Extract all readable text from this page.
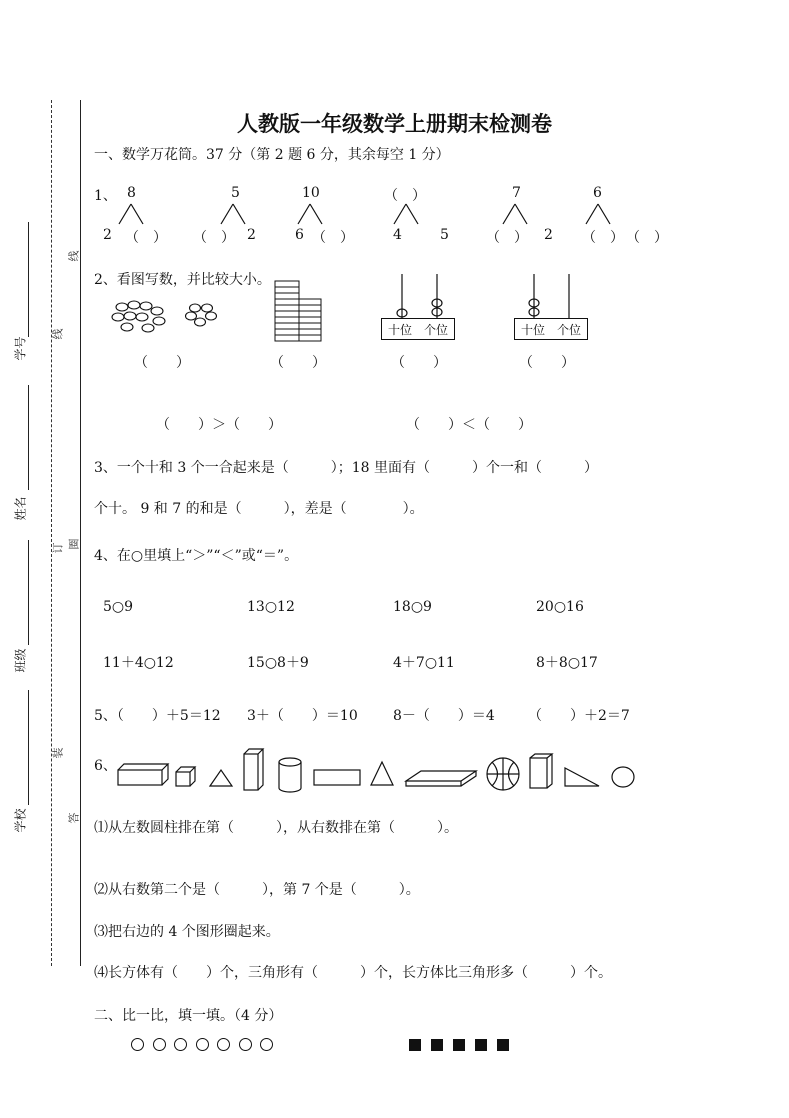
学号
姓名
班级
学校
线
线
订 圈
装
答
人教版一年级数学上册期末检测卷
一、数学万花筒。37 分（第 2 题 6 分，其余每空 1 分）
1、 8
2 （　）
5
（　） 2
10
6 （　）
（　）
4	5
7
（　） 2
6
（　） （　）
2、看图写数，并比较大小。
十位 个位	十位 个位
（　　）	（　　）	（　　）	（　　）
（　　）＞（　　）	（　　）＜（　　）
3、一个十和 3 个一合起来是（　　　）；18 里面有（　　　）个一和（　　　）
个十。 9 和 7 的和是（　　　），差是（　　　　）。
4、在○里填上“＞”“＜”或“＝”。
5○9	13○12	18○9	20○16
11＋4○12	15○8＋9	4＋7○11	8＋8○17
5、（　　）＋5＝12 3＋（　　）＝10	8－（　　）＝4 （　　）＋2＝7
6、
⑴从左数圆柱排在第（　　　），从右数排在第（　　　）。
⑵从右数第二个是（　　　），第 7 个是（　　　）。
⑶把右边的 4 个图形圈起来。
⑷长方体有（　　）个，三角形有（　　　）个，长方体比三角形多（　　　）个。
二、比一比，填一填。（4 分）
